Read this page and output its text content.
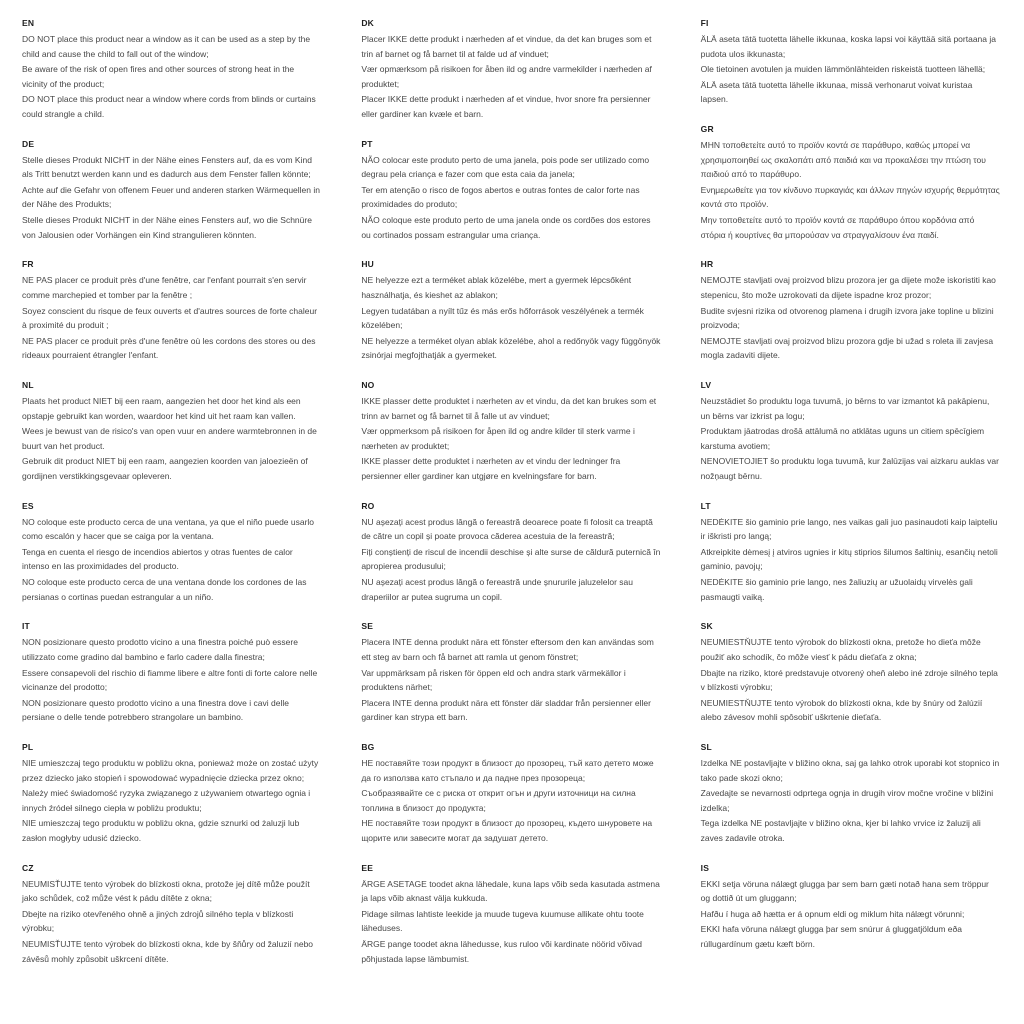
EN

DO NOT place this product near a window as it can be used as a step by the child and cause the child to fall out of the window;

Be aware of the risk of open fires and other sources of strong heat in the vicinity of the product;

DO NOT place this product near a window where cords from blinds or curtains could strangle a child.

DE

Stelle dieses Produkt NICHT in der Nähe eines Fensters auf, da es vom Kind als Tritt benutzt werden kann und es dadurch aus dem Fenster fallen könnte;

Achte auf die Gefahr von offenem Feuer und anderen starken Wärmequellen in der Nähe des Produkts;

Stelle dieses Produkt NICHT in der Nähe eines Fensters auf, wo die Schnüre von Jalousien oder Vorhängen ein Kind strangulieren könnten.

FR

NE PAS placer ce produit près d'une fenêtre, car l'enfant pourrait s'en servir comme marchepied et tomber par la fenêtre ;

Soyez conscient du risque de feux ouverts et d'autres sources de forte chaleur à proximité du produit ;

NE PAS placer ce produit près d'une fenêtre où les cordons des stores ou des rideaux pourraient étrangler l'enfant.

NL

Plaats het product NIET bij een raam, aangezien het door het kind als een opstapje gebruikt kan worden, waardoor het kind uit het raam kan vallen.

Wees je bewust van de risico's van open vuur en andere warmtebronnen in de buurt van het product.

Gebruik dit product NIET bij een raam, aangezien koorden van jaloezieën of gordijnen verstikkingsgevaar opleveren.

ES

NO coloque este producto cerca de una ventana, ya que el niño puede usarlo como escalón y hacer que se caiga por la ventana.

Tenga en cuenta el riesgo de incendios abiertos y otras fuentes de calor intenso en las proximidades del producto.

NO coloque este producto cerca de una ventana donde los cordones de las persianas o cortinas puedan estrangular a un niño.

IT

NON posizionare questo prodotto vicino a una finestra poiché può essere utilizzato come gradino dal bambino e farlo cadere dalla finestra;

Essere consapevoli del rischio di fiamme libere e altre fonti di forte calore nelle vicinanze del prodotto;

NON posizionare questo prodotto vicino a una finestra dove i cavi delle persiane o delle tende potrebbero strangolare un bambino.

PL

NIE umieszczaj tego produktu w pobliżu okna, ponieważ może on zostać użyty przez dziecko jako stopień i spowodować wypadnięcie dziecka przez okno;

Należy mieć świadomość ryzyka związanego z używaniem otwartego ognia i innych źródeł silnego ciepła w pobliżu produktu;

NIE umieszczaj tego produktu w pobliżu okna, gdzie sznurki od żaluzji lub zasłon mogłyby udusić dziecko.

CZ

NEUMISŤUJTE tento výrobek do blízkosti okna, protože jej dítě může použít jako schůdek, což může vést k pádu dítěte z okna;

Dbejte na riziko otevřeného ohně a jiných zdrojů silného tepla v blízkosti výrobku;

NEUMISŤUJTE tento výrobek do blízkosti okna, kde by šňůry od žaluzií nebo závěsů mohly způsobit uškrcení dítěte.

DK

Placer IKKE dette produkt i nærheden af et vindue, da det kan bruges som et trin af barnet og få barnet til at falde ud af vinduet;

Vær opmærksom på risikoen for åben ild og andre varmekilder i nærheden af produktet;

Placer IKKE dette produkt i nærheden af et vindue, hvor snore fra persienner eller gardiner kan kvæle et barn.

PT

NÃO colocar este produto perto de uma janela, pois pode ser utilizado como degrau pela criança e fazer com que esta caia da janela;

Ter em atenção o risco de fogos abertos e outras fontes de calor forte nas proximidades do produto;

NÃO coloque este produto perto de uma janela onde os cordões dos estores ou cortinados possam estrangular uma criança.

HU

NE helyezze ezt a terméket ablak közelébe, mert a gyermek lépcsőként használhatja, és kieshet az ablakon;

Legyen tudatában a nyílt tűz és más erős hőforrások veszélyének a termék közelében;

NE helyezze a terméket olyan ablak közelébe, ahol a redőnyök vagy függönyök zsinórjai megfojthatják a gyermeket.

NO

IKKE plasser dette produktet i nærheten av et vindu, da det kan brukes som et trinn av barnet og få barnet til å falle ut av vinduet;

Vær oppmerksom på risikoen for åpen ild og andre kilder til sterk varme i nærheten av produktet;

IKKE plasser dette produktet i nærheten av et vindu der ledninger fra persienner eller gardiner kan utgjøre en kvelningsfare for barn.

RO

NU așezați acest produs lângă o fereastră deoarece poate fi folosit ca treaptă de către un copil și poate provoca căderea acestuia de la fereastră;

Fiți conștienți de riscul de incendii deschise și alte surse de căldură puternică în apropierea produsului;

NU așezați acest produs lângă o fereastră unde șnururile jaluzelelor sau draperiilor ar putea sugruma un copil.

SE

Placera INTE denna produkt nära ett fönster eftersom den kan användas som ett steg av barn och få barnet att ramla ut genom fönstret;

Var uppmärksam på risken för öppen eld och andra stark värmekällor i produktens närhet;

Placera INTE denna produkt nära ett fönster där sladdar från persienner eller gardiner kan strypa ett barn.

BG

НЕ поставяйте този продукт в близост до прозорец, тъй като детето може да го използва като стъпало и да падне през прозореца;

Съобразявайте се с риска от открит огън и други източници на силна топлина в близост до продукта;

НЕ поставяйте този продукт в близост до прозорец, където шнуровете на щорите или завесите могат да задушат детето.

EE

ÄRGE ASETAGE toodet akna lähedale, kuna laps võib seda kasutada astmena ja laps võib aknast välja kukkuda.

Pidage silmas lahtiste leekide ja muude tugeva kuumuse allikate ohtu toote läheduses.

ÄRGE pange toodet akna lähedusse, kus ruloo või kardinate nöörid võivad põhjustada lapse lämbumist.

FI

ÄLÄ aseta tätä tuotetta lähelle ikkunaa, koska lapsi voi käyttää sitä portaana ja pudota ulos ikkunasta;

Ole tietoinen avotulen ja muiden lämmönlähteiden riskeistä tuotteen lähellä;

ÄLÄ aseta tätä tuotetta lähelle ikkunaa, missä verhonarut voivat kuristaa lapsen.

GR

ΜΗΝ τοποθετείτε αυτό το προϊόν κοντά σε παράθυρο, καθώς μπορεί να χρησιμοποιηθεί ως σκαλοπάτι από παιδιά και να προκαλέσει την πτώση του παιδιού από το παράθυρο.

Ενημερωθείτε για τον κίνδυνο πυρκαγιάς και άλλων πηγών ισχυρής θερμότητας κοντά στο προϊόν.

Μην τοποθετείτε αυτό το προϊόν κοντά σε παράθυρο όπου κορδόνια από στόρια ή κουρτίνες θα μπορούσαν να στραγγαλίσουν ένα παιδί.

HR

NEMOJTE stavljati ovaj proizvod blizu prozora jer ga dijete može iskoristiti kao stepenicu, što može uzrokovati da dijete ispadne kroz prozor;

Budite svjesni rizika od otvorenog plamena i drugih izvora jake topline u blizini proizvoda;

NEMOJTE stavljati ovaj proizvod blizu prozora gdje bi užad s roleta ili zavjesa mogla zadaviti dijete.

LV

Neuzstādiet šo produktu loga tuvumā, jo bērns to var izmantot kā pakāpienu, un bērns var izkrist pa logu;

Produktam jāatrodas drošā attālumā no atklātas uguns un citiem spēcīgiem karstuma avotiem;

NENOVIETOJIET šo produktu loga tuvumā, kur žalūzijas vai aizkaru auklas var nožņaugt bērnu.

LT

NEDĖKITE šio gaminio prie lango, nes vaikas gali juo pasinaudoti kaip laipteliu ir iškristi pro langą;

Atkreipkite dėmesį į atviros ugnies ir kitų stiprios šilumos šaltinių, esančių netoli gaminio, pavojų;

NEDĖKITE šio gaminio prie lango, nes žaliuzių ar užuolaidų virvelės gali pasmaugti vaiką.

SK

NEUMIESTŇUJTE tento výrobok do blízkosti okna, pretože ho dieťa môže použiť ako schodík, čo môže viesť k pádu dieťaťa z okna;

Dbajte na riziko, ktoré predstavuje otvorený oheň alebo iné zdroje silného tepla v blízkosti výrobku;

NEUMIESTŇUJTE tento výrobok do blízkosti okna, kde by šnúry od žalúzií alebo závesov mohli spôsobiť uškrtenie dieťaťa.

SL

Izdelka NE postavljajte v bližino okna, saj ga lahko otrok uporabi kot stopnico in tako pade skozi okno;

Zavedajte se nevarnosti odprtega ognja in drugih virov močne vročine v bližini izdelka;

Tega izdelka NE postavljajte v bližino okna, kjer bi lahko vrvice iz žaluzij ali zaves zadavile otroka.

IS

EKKI setja vöruna nálægt glugga þar sem barn gæti notað hana sem tröppur og dottið út um gluggann;

Hafðu í huga að hætta er á opnum eldi og miklum hita nálægt vörunni;

EKKI hafa vöruna nálægt glugga þar sem snúrur á gluggatjöldum eða rúllugardínum gætu kæft börn.
